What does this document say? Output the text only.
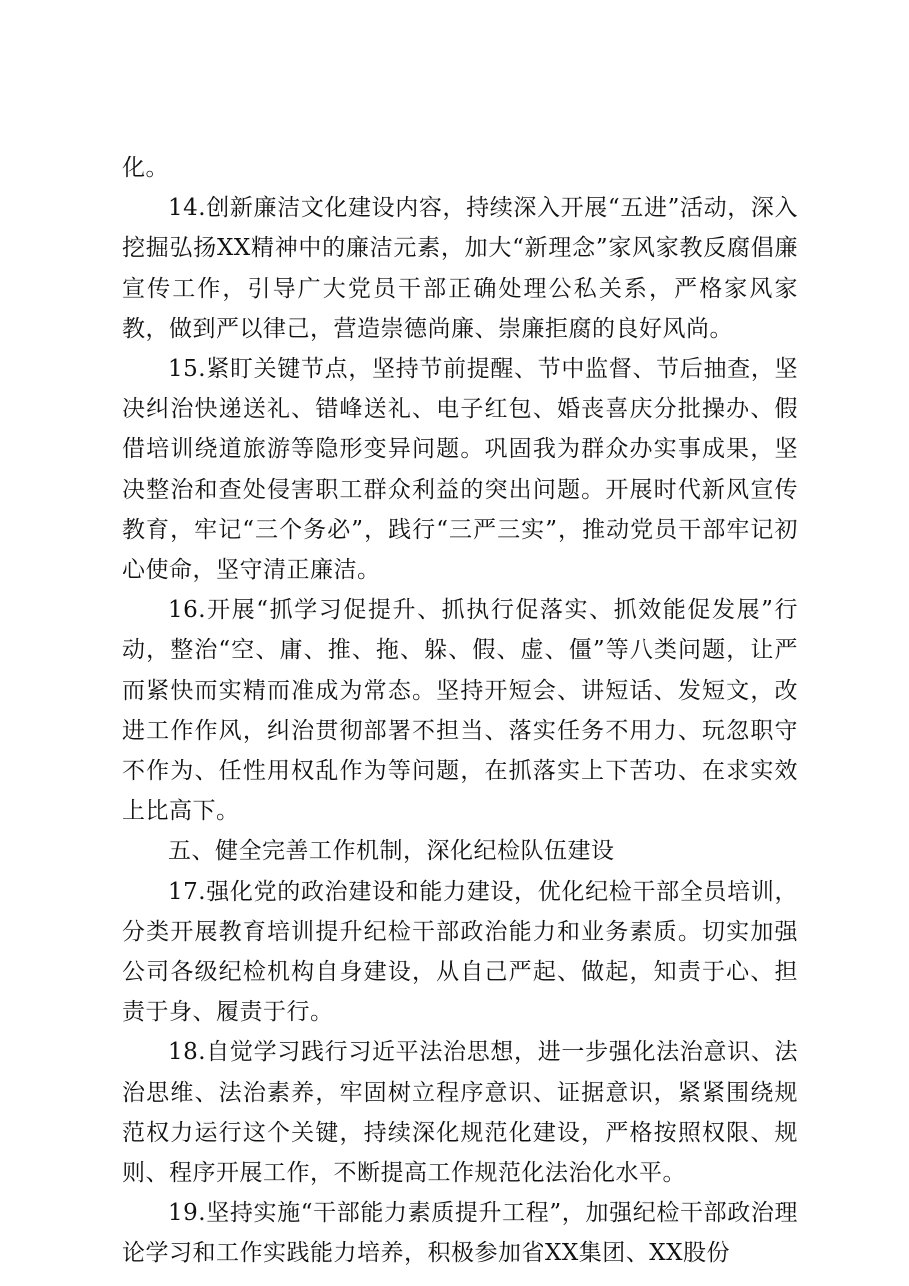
化。

14.创新廉洁文化建设内容，持续深入开展“五进”活动，深入挖掘弘扬XX精神中的廉洁元素，加大“新理念”家风家教反腐倡廉宣传工作，引导广大党员干部正确处理公私关系，严格家风家教，做到严以律己，营造崇德尚廉、崇廉拒腐的良好风尚。

15.紧盯关键节点，坚持节前提醒、节中监督、节后抽查，坚决纠治快递送礼、错峰送礼、电子红包、婚丧喜庆分批操办、假借培训绕道旅游等隐形变异问题。巩固我为群众办实事成果，坚决整治和查处侵害职工群众利益的突出问题。开展时代新风宣传教育，牢记“三个务必”，践行“三严三实”，推动党员干部牢记初心使命，坚守清正廉洁。

16.开展“抓学习促提升、抓执行促落实、抓效能促发展”行动，整治“空、庸、推、拖、躲、假、虚、僵”等八类问题，让严而紧快而实精而准成为常态。坚持开短会、讲短话、发短文，改进工作作风，纠治贯彻部署不担当、落实任务不用力、玩忽职守不作为、任性用权乱作为等问题，在抓落实上下苦功、在求实效上比高下。

五、健全完善工作机制，深化纪检队伍建设

17.强化党的政治建设和能力建设，优化纪检干部全员培训，分类开展教育培训提升纪检干部政治能力和业务素质。切实加强公司各级纪检机构自身建设，从自己严起、做起，知责于心、担责于身、履责于行。

18.自觉学习践行习近平法治思想，进一步强化法治意识、法治思维、法治素养，牢固树立程序意识、证据意识，紧紧围绕规范权力运行这个关键，持续深化规范化建设，严格按照权限、规则、程序开展工作，不断提高工作规范化法治化水平。

19.坚持实施“干部能力素质提升工程”，加强纪检干部政治理论学习和工作实践能力培养，积极参加省XX集团、XX股份
